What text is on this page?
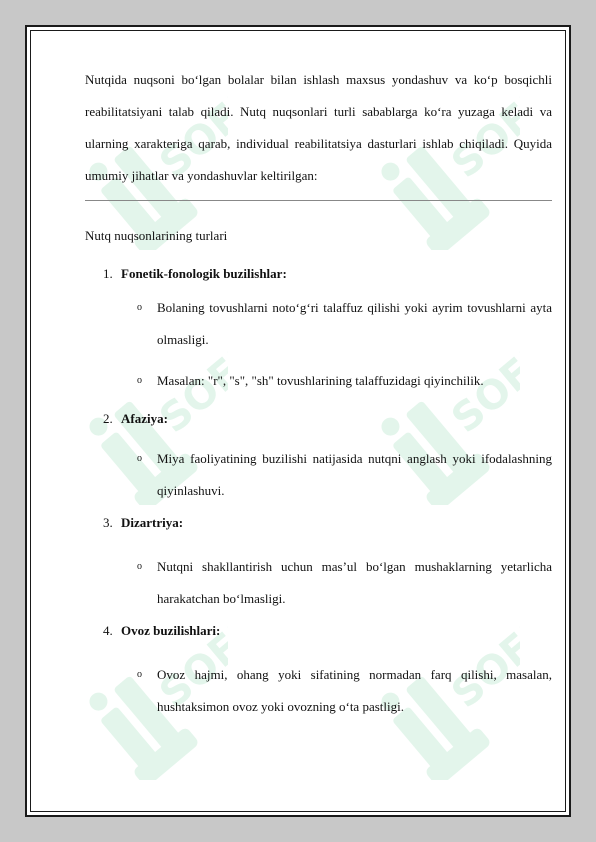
Nutqida nuqsoni bo‘lgan bolalar bilan ishlash maxsus yondashuv va ko‘p bosqichli reabilitatsiyani talab qiladi. Nutq nuqsonlari turli sabablarga ko‘ra yuzaga keladi va ularning xarakteriga qarab, individual reabilitatsiya dasturlari ishlab chiqiladi. Quyida umumiy jihatlar va yondashuvlar keltirilgan:

Nutq nuqsonlarining turlari
1. Fonetik-fonologik buzilishlar:
o	Bolaning tovushlarni noto‘g‘ri talaffuz qilishi yoki ayrim tovushlarni ayta olmasligi.
o	Masalan: "r", "s", "sh" tovushlarining talaffuzidagi qiyinchilik.
2. Afaziya:
o	Miya faoliyatining buzilishi natijasida nutqni anglash yoki ifodalashning qiyinlashuvi.
3. Dizartriya:
o	Nutqni shakllantirish uchun mas’ul bo‘lgan mushaklarning yetarlicha harakatchan bo‘lmasligi.
4. Ovoz buzilishlari:
o	Ovoz hajmi, ohang yoki sifatining normadan farq qilishi, masalan, hushtaksimon ovoz yoki ovozning o‘ta pastligi.
